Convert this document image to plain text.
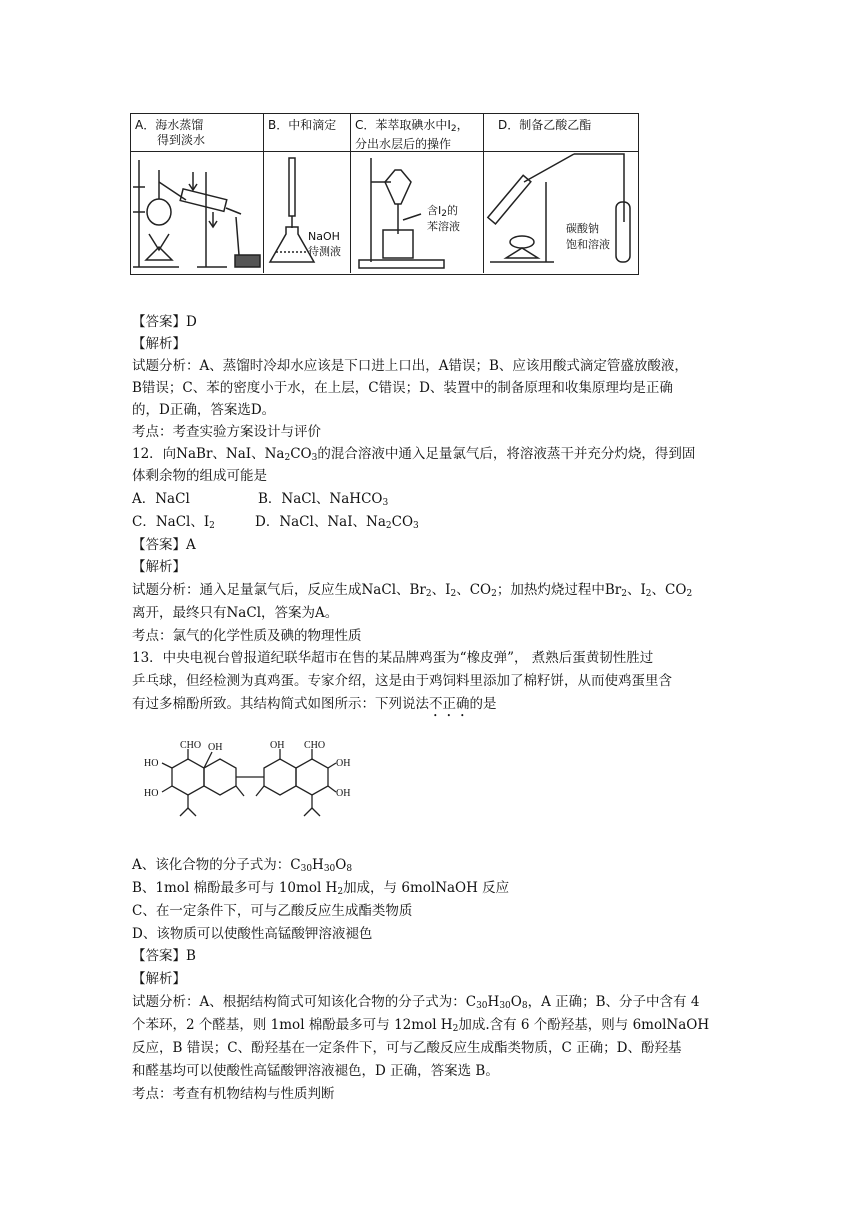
A．海水蒸馏
得到淡水
B．中和滴定
NaOH
待测液
C．苯萃取碘水中$I_2$，
分出水层后的操作
含$I_2$的
苯溶液
D．制备乙酸乙酯
碳酸钠
饱和溶液
【答案】D
【解析】
试题分析：A、蒸馏时冷却水应该是下口进上口出，A错误；B、应该用酸式滴定管盛放酸液，
B错误；C、苯的密度小于水，在上层，C错误；D、装置中的制备原理和收集原理均是正确
的，D正确，答案选D。
考点：考查实验方案设计与评价
12．向NaBr、NaI、$Na_2CO_3$的混合溶液中通入足量氯气后，将溶液蒸干并充分灼烧，得到固
体剩余物的组成可能是
A．NaCl	B．NaCl、NaHCO$_3$
C．NaCl、$I_2$	D．NaCl、NaI、$Na_2CO_3$
【答案】A
【解析】
试题分析：通入足量氯气后，反应生成NaCl、$Br_2$、$I_2$、$CO_2$；加热灼烧过程中$Br_2$、$I_2$、$CO_2$
离开，最终只有NaCl，答案为A。
考点：氯气的化学性质及碘的物理性质
13．中央电视台曾报道纪联华超市在售的某品牌鸡蛋为“橡皮弹”， 煮熟后蛋黄韧性胜过
乒乓球，但经检测为真鸡蛋。专家介绍，这是由于鸡饲料里添加了棉籽饼，从而使鸡蛋里含
有过多棉酚所致。其结构简式如图所示：下列说法不正确的是
CHO OH
HO
HO
OH CHO
OH
OH
A、该化合物的分子式为：$C_{30}H_{30}O_8$
B、1mol 棉酚最多可与 10mol $H_2$加成，与 6molNaOH 反应
C、在一定条件下，可与乙酸反应生成酯类物质
D、该物质可以使酸性高锰酸钾溶液褪色
【答案】B
【解析】
试题分析：A、根据结构简式可知该化合物的分子式为：$C_{30}H_{30}O_8$，A 正确；B、分子中含有 4
个苯环，2 个醛基，则 1mol 棉酚最多可与 12mol $H_2$加成.含有 6 个酚羟基，则与 6molNaOH
反应，B 错误；C、酚羟基在一定条件下，可与乙酸反应生成酯类物质，C 正确；D、酚羟基
和醛基均可以使酸性高锰酸钾溶液褪色，D 正确，答案选 B。
考点：考查有机物结构与性质判断
